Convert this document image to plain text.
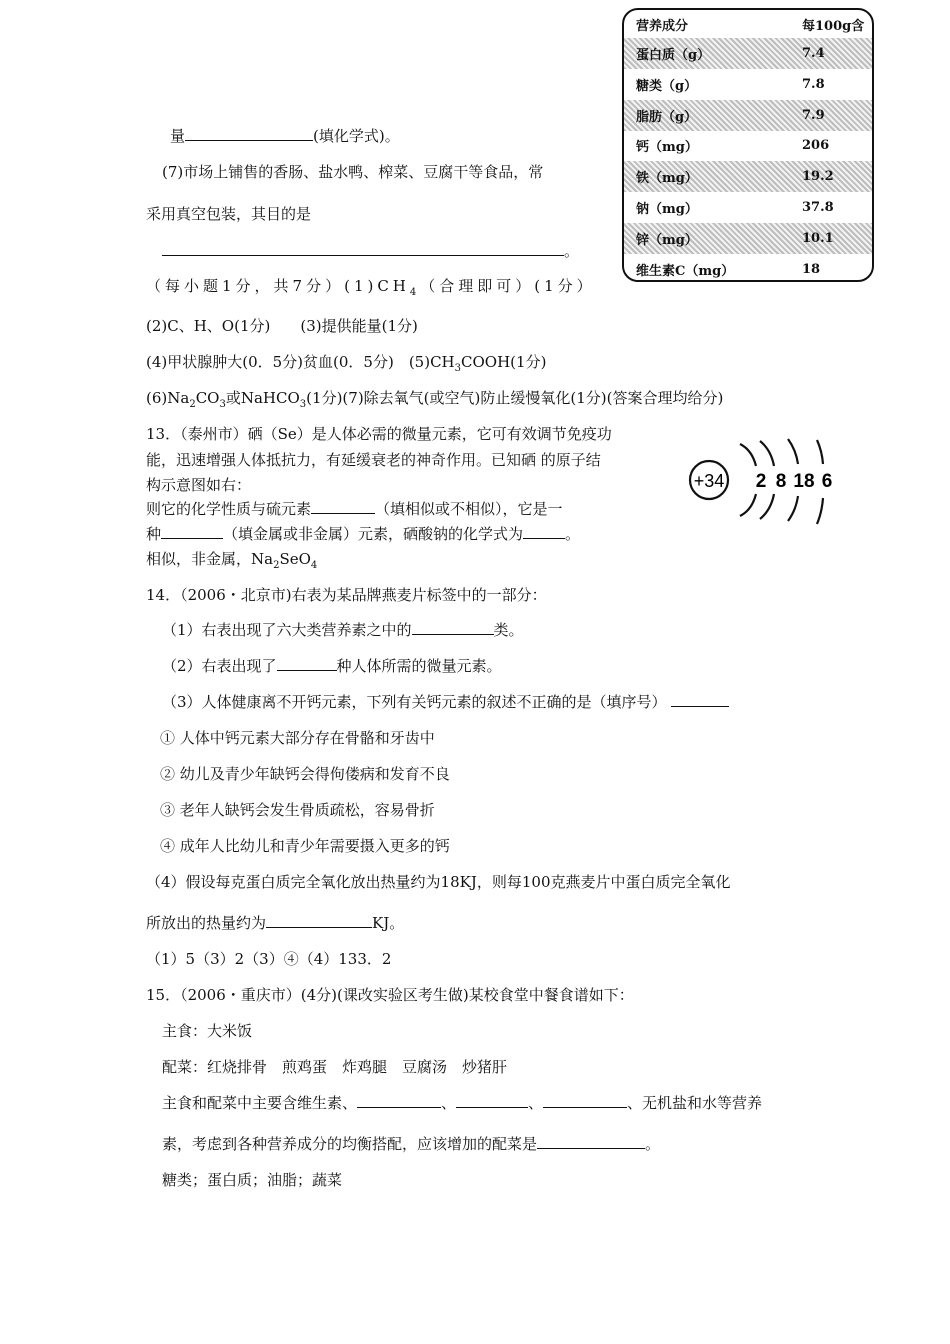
营养成分	每100g含
蛋白质（g）	7.4
糖类（g）	7.8
脂肪（g）	7.9
钙（mg）	206
铁（mg）	19.2
钠（mg）	37.8
锌（mg）	10.1
维生素C（mg）	18
量	(填化学式)。
(7)市场上铺售的香肠、盐水鸭、榨菜、豆腐干等食品，常
采用真空包装，其目的是
。
（每小题1分，共7分）$(1)CH_4$（合理即可）(1分）
(2)C、H、O(1分)　　(3)提供能量(1分)
(4)甲状腺肿大(0．5分)贫血(0．5分)　$(5)CH_3COOH(1$分)
$(6)Na_2CO_3$或NaHCO$_3$(1分)(7)除去氧气(或空气)防止缓慢氧化(1分)(答案合理均给分)
13．（泰州市）硒（Se）是人体必需的微量元素，它可有效调节免疫功
能，迅速增强人体抵抗力，有延缓衰老的神奇作用。已知硒 的原子结
构示意图如右：
则它的化学性质与硫元素	（填相似或不相似），它是一
种	（填金属或非金属）元素，硒酸钠的化学式为	。
相似，非金属，$Na_2SeO_4$
+34 2 8 18 6
14．（2006・北京市)右表为某品牌燕麦片标签中的一部分：
（1）右表出现了六大类营养素之中的	类。
（2）右表出现了	种人体所需的微量元素。
（3）人体健康离不开钙元素，下列有关钙元素的叙述不正确的是（填序号）
① 人体中钙元素大部分存在骨骼和牙齿中
② 幼儿及青少年缺钙会得佝偻病和发育不良
③ 老年人缺钙会发生骨质疏松，容易骨折
④ 成年人比幼儿和青少年需要摄入更多的钙
（4）假设每克蛋白质完全氧化放出热量约为18KJ，则每100克燕麦片中蛋白质完全氧化
所放出的热量约为	KJ。
（1）5（3）2（3）④（4）133．2
15．（2006・重庆市）(4分)(课改实验区考生做)某校食堂中餐食谱如下：
主食：大米饭
配菜：红烧排骨　煎鸡蛋　炸鸡腿　豆腐汤　炒猪肝
主食和配菜中主要含维生素、	、	、	、无机盐和水等营养
素，考虑到各种营养成分的均衡搭配，应该增加的配菜是	。
糖类；蛋白质；油脂；蔬菜
